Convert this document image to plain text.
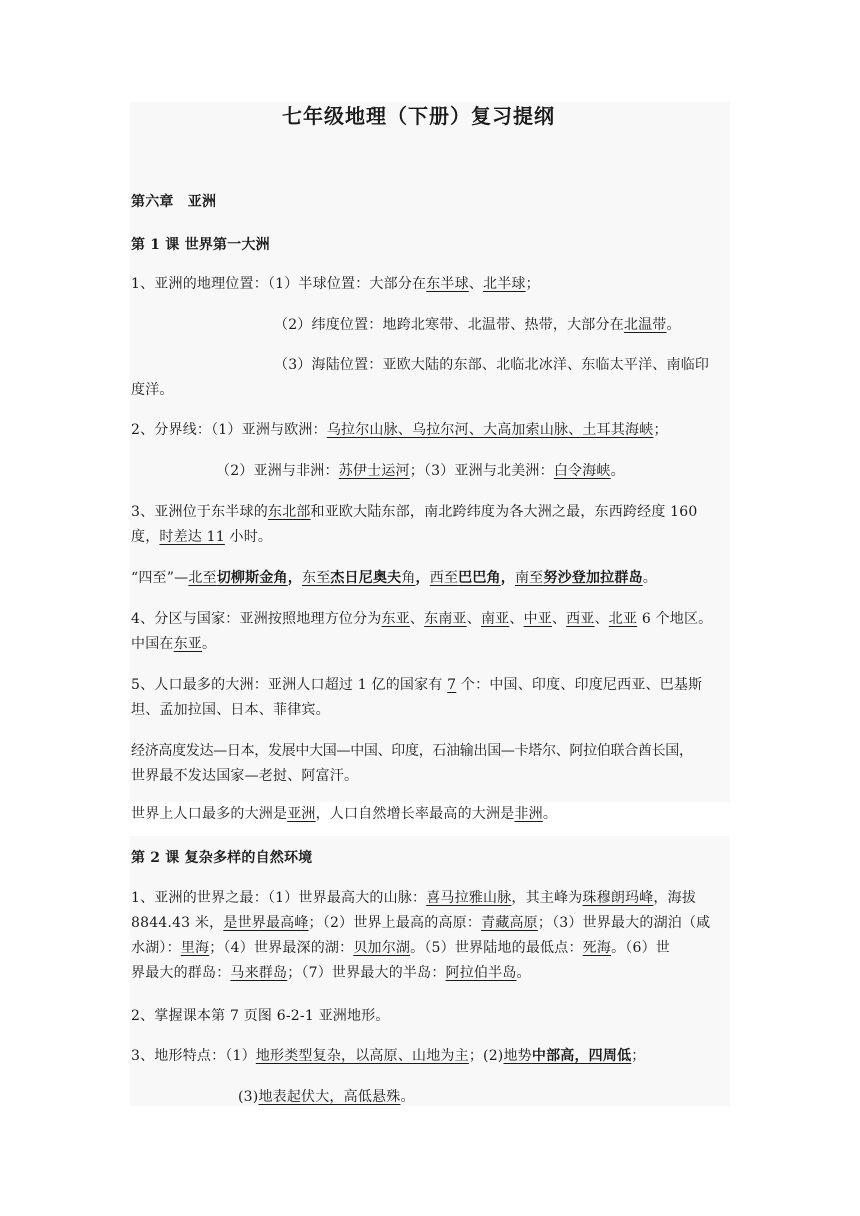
七年级地理（下册）复习提纲
第六章　亚洲
第 1 课 世界第一大洲
1、亚洲的地理位置：（1）半球位置：大部分在东半球、北半球；
（2）纬度位置：地跨北寒带、北温带、热带，大部分在北温带。
（3）海陆位置：亚欧大陆的东部、北临北冰洋、东临太平洋、南临印
度洋。
2、分界线：（1）亚洲与欧洲：乌拉尔山脉、乌拉尔河、大高加索山脉、土耳其海峡；
（2）亚洲与非洲：苏伊士运河；（3）亚洲与北美洲：白令海峡。
3、亚洲位于东半球的东北部和亚欧大陆东部，南北跨纬度为各大洲之最，东西跨经度 160
度，时差达 11 小时。
“四至”—北至切柳斯金角，东至杰日尼奥夫角，西至巴巴角，南至努沙登加拉群岛。
4、分区与国家：亚洲按照地理方位分为东亚、东南亚、南亚、中亚、西亚、北亚 6 个地区。
中国在东亚。
5、人口最多的大洲：亚洲人口超过 1 亿的国家有 7 个：中国、印度、印度尼西亚、巴基斯
坦、孟加拉国、日本、菲律宾。
经济高度发达—日本，发展中大国—中国、印度，石油输出国—卡塔尔、阿拉伯联合酋长国，
世界最不发达国家—老挝、阿富汗。
世界上人口最多的大洲是亚洲，人口自然增长率最高的大洲是非洲。
第 2 课 复杂多样的自然环境
1、亚洲的世界之最：（1）世界最高大的山脉：喜马拉雅山脉，其主峰为珠穆朗玛峰，海拔
8844.43 米，是世界最高峰；（2）世界上最高的高原：青藏高原；（3）世界最大的湖泊（咸
水湖）：里海；（4）世界最深的湖：贝加尔湖。（5）世界陆地的最低点：死海。（6）世
界最大的群岛：马来群岛；（7）世界最大的半岛：阿拉伯半岛。
2、掌握课本第 7 页图 6-2-1 亚洲地形。
3、地形特点：（1）地形类型复杂，以高原、山地为主；(2)地势中部高，四周低；
(3)地表起伏大，高低悬殊。
